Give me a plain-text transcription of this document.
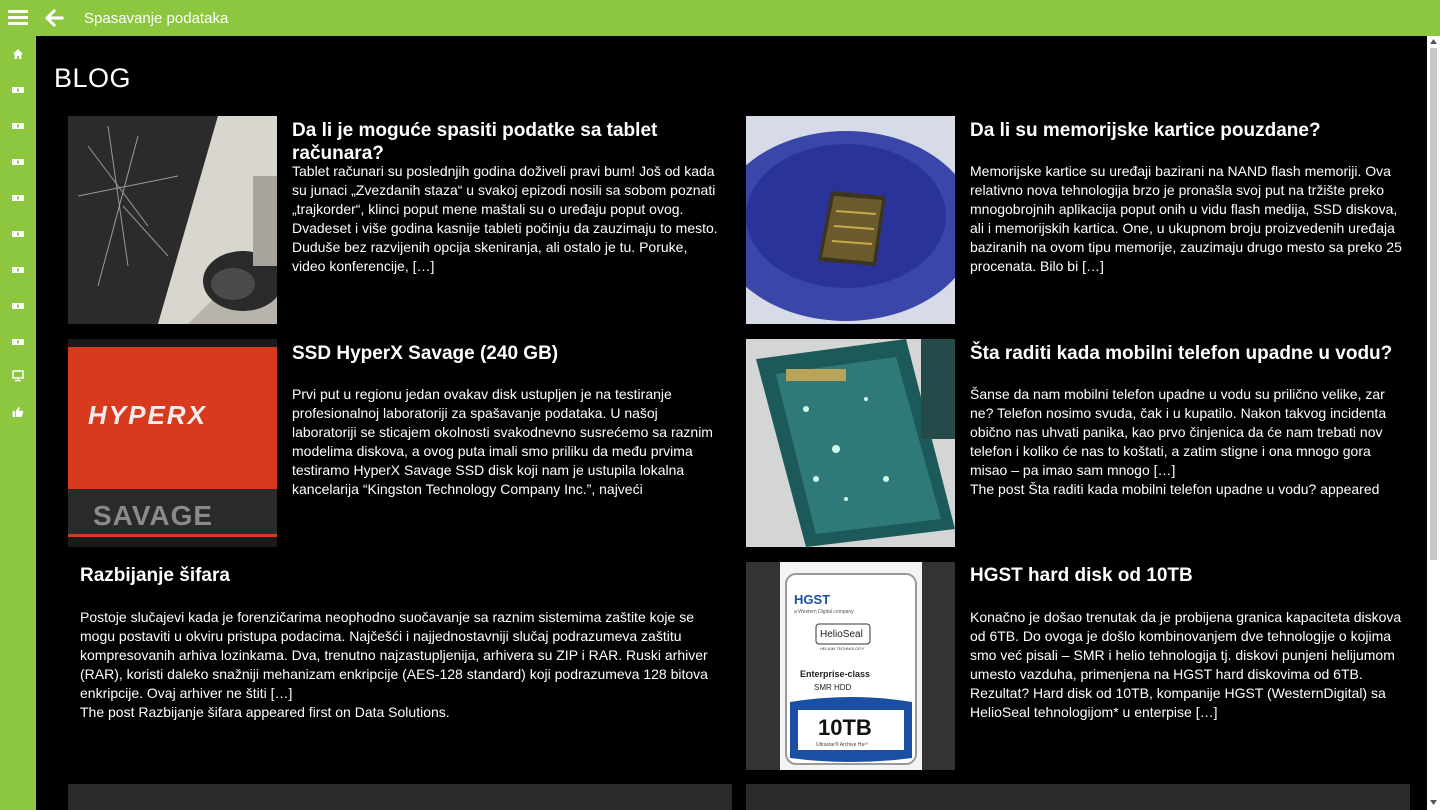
Spasavanje podataka
BLOG
Da li je moguće spasiti podatke sa tablet računara?
Tablet računari su poslednjih godina doživeli pravi bum! Još od kada su junaci „Zvezdanih staza“ u svakoj epizodi nosili sa sobom poznati „trajkorder“, klinci poput mene maštali su o uređaju poput ovog. Dvadeset i više godina kasnije tableti počinju da zauzimaju to mesto. Duduše bez razvijenih opcija skeniranja, ali ostalo je tu. Poruke, video konferencije, […]
Da li su memorijske kartice pouzdane?
Memorijske kartice su uređaji bazirani na NAND flash memoriji. Ova relativno nova tehnologija brzo je pronašla svoj put na tržište preko mnogobrojnih aplikacija poput onih u vidu flash medija, SSD diskova, ali i memorijskih kartica. One, u ukupnom broju proizvedenih uređaja baziranih na ovom tipu memorije, zauzimaju drugo mesto sa preko 25 procenata. Bilo bi […]
HYPERX
SAVAGE
SSD HyperX Savage (240 GB)
Prvi put u regionu jedan ovakav disk ustupljen je na testiranje profesionalnoj laboratoriji za spašavanje podataka. U našoj laboratoriji se sticajem okolnosti svakodnevno susrećemo sa raznim modelima diskova, a ovog puta imali smo priliku da među prvima testiramo HyperX Savage SSD disk koji nam je ustupila lokalna kancelarija “Kingston Technology Company Inc.”, najveći
Šta raditi kada mobilni telefon upadne u vodu?
Šanse da nam mobilni telefon upadne u vodu su prilično velike, zar ne? Telefon nosimo svuda, čak i u kupatilo. Nakon takvog incidenta obično nas uhvati panika, kao prvo činjenica da će nam trebati nov telefon i koliko će nas to koštati, a zatim stigne i ona mnogo gora misao – pa imao sam mnogo […]
The post Šta raditi kada mobilni telefon upadne u vodu? appeared
Razbijanje šifara
Postoje slučajevi kada je forenzičarima neophodno suočavanje sa raznim sistemima zaštite koje se mogu postaviti u okviru pristupa podacima. Najčešći i najjednostavniji slučaj podrazumeva zaštitu kompresovanih arhiva lozinkama. Dva, trenutno najzastupljenija, arhivera su ZIP i RAR. Ruski arhiver (RAR), koristi daleko snažniji mehanizam enkripcije (AES-128 standard) koji podrazumeva 128 bitova enkripcije. Ovaj arhiver ne štiti […]
The post Razbijanje šifara appeared first on Data Solutions.
HGST
a Western Digital company
HelioSeal
HELIUM TECHNOLOGY
Enterprise-class
SMR HDD
10TB
Ultrastar® Archive Ha¹⁰
HGST hard disk od 10TB
Konačno je došao trenutak da je probijena granica kapaciteta diskova od 6TB. Do ovoga je došlo kombinovanjem dve tehnologije o kojima smo već pisali – SMR i helio tehnologija tj. diskovi punjeni helijumom umesto vazduha, primenjena na HGST hard diskovima od 6TB. Rezultat? Hard disk od 10TB, kompanije HGST (WesternDigital) sa HelioSeal tehnologijom* u enterpise […]
